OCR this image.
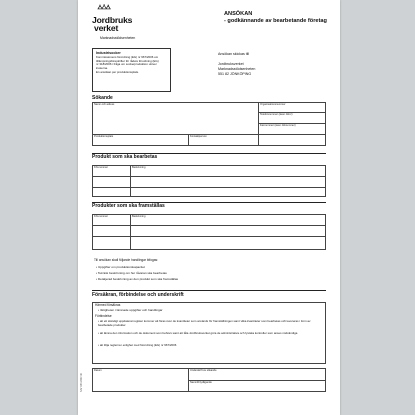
Jordbruks
verket
Marknadsstödsenheten
ANSÖKAN
- godkännande av bearbetande företag
Industrisocker
Kommissionens förordning (EG) nr 967/2006 om
tillämpningsföreskrifter för rådets förordning (EG)
nr 318/2006 i fråga om sockerproduktion utöver
kvoterna.
En ansökan per produktionsplats.
Ansökan skickas till
Jordbruksverket
Marknadsstödsenheten
551 82 JÖNKÖPING
Sökande
Namn och adress	Organisationsnummer
Telefonnummer (även riktnr)
Faxnummer (även riktnummer)
Produktionsplats	Kontaktperson
Produkt som ska bearbetas
KN-nummer	Beskrivning
Produkter som ska framställas
KN-nummer	Beskrivning
Till ansökan skall följande handlingar bifogas:
• Uppgifter om produktionskapacitet
• Teknisk beskrivning om hur råvaran ska bearbetas
• Detaljerad beskrivning av den produkt som ska framställas
Försäkran, förbindelse och underskrift
Härmed försäkras
• riktigheten i lämnade uppgifter och handlingar
Förbindelse
• att ett ständigt uppdaterat register kommer att föras över de kvantiteter som används för framställningen samt vilka kvantiteter som bearbetas och levereras i form av bearbetade produkter
• att lämna den information och de dokument som behövs samt att låta Jordbruksverket göra de administrativa och fysiska kontroller som anses nödvändiga
• att följa reglerna i enlighet med förordning (EG) nr 967/2006
Datum	Underskrift av sökande
Namnförtydligande
SJV D53 2007-02
